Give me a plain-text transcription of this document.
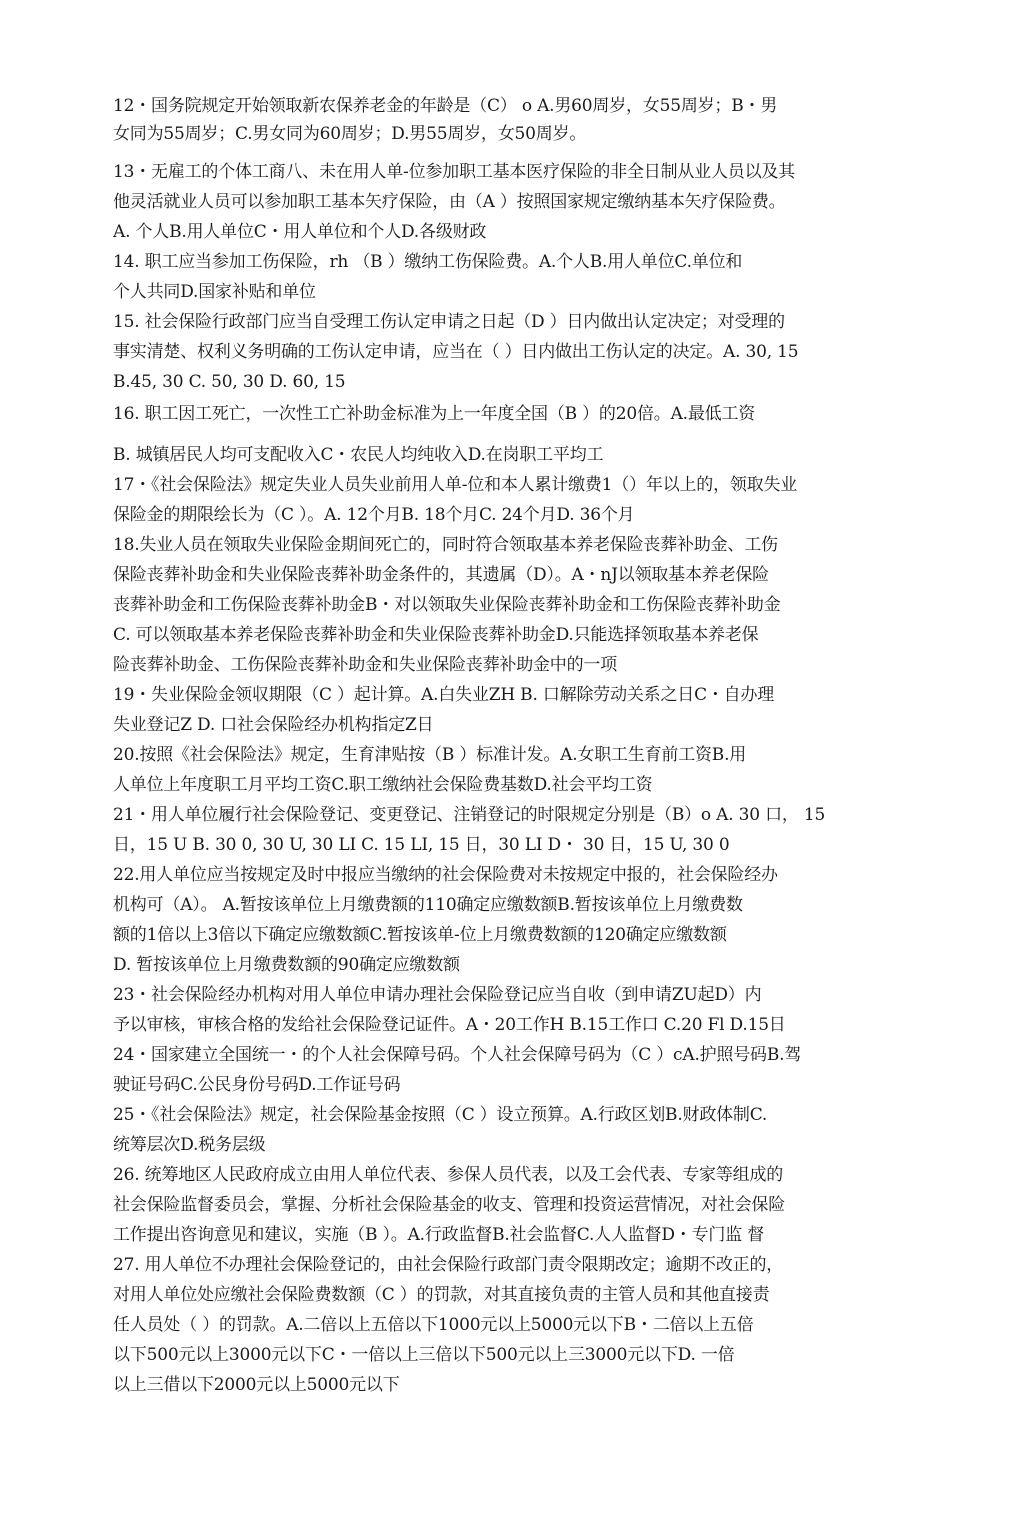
12・国务院规定开始领取新农保养老金的年龄是（C） o A.男60周岁，女55周岁；B・男
女同为55周岁；C.男女同为60周岁；D.男55周岁，女50周岁。
13・无雇工的个体工商八、未在用人单-位参加职工基本医疗保险的非全日制从业人员以及其
他灵活就业人员可以参加职工基本矢疗保险，由（A ）按照国家规定缴纳基本矢疗保险费。
A. 个人B.用人单位C・用人单位和个人D.各级财政
14. 职工应当参加工伤保险，rh （B ）缴纳工伤保险费。A.个人B.用人单位C.单位和
个人共同D.国家补贴和单位
15. 社会保险行政部门应当自受理工伤认定申请之日起（D ）日内做出认定决定；对受理的
事实清楚、权利义务明确的工伤认定申请，应当在（ ）日内做出工伤认定的决定。A. 30, 15
B.45, 30 C. 50, 30 D. 60, 15
16. 职工因工死亡，一次性工亡补助金标准为上一年度全国（B ）的20倍。A.最低工资
B. 城镇居民人均可支配收入C・农民人均纯收入D.在岗职工平均工
17・《社会保险法》规定失业人员失业前用人单-位和本人累计缴费1（）年以上的，领取失业
保险金的期限绘长为（C ）。A. 12个月B. 18个月C. 24个月D. 36个月
18.失业人员在领取失业保险金期间死亡的，同时符合领取基本养老保险丧葬补助金、工伤
保险丧葬补助金和失业保险丧葬补助金条件的，其遗属（D）。A・nJ以领取基本养老保险
丧葬补助金和工伤保险丧葬补助金B・对以领取失业保险丧葬补助金和工伤保险丧葬补助金
C. 可以领取基本养老保险丧葬补助金和失业保险丧葬补助金D.只能选择领取基本养老保
险丧葬补助金、工伤保险丧葬补助金和失业保险丧葬补助金中的一项
19・失业保险金领収期限（C ）起计算。A.白失业ZH B. 口解除劳动关系之日C・自办理
失业登记Z D. 口社会保险经办机构指定Z日
20.按照《社会保险法》规定，生育津贴按（B ）标准计发。A.女职工生育前工资B.用
人单位上年度职工月平均工资C.职工缴纳社会保险费基数D.社会平均工资
21・用人单位履行社会保险登记、变更登记、注销登记的时限规定分别是（B）o A. 30 口， 15
日，15 U B. 30 0, 30 U, 30 LI C. 15 LI, 15 日，30 LI D・ 30 日，15 U, 30 0
22.用人单位应当按规定及时中报应当缴纳的社会保险费对未按规定中报的，社会保险经办
机构可（A）。 A.暂按该单位上月缴费额的110确定应缴数额B.暂按该单位上月缴费数
额的1倍以上3倍以下确定应缴数额C.暂按该单-位上月缴费数额的120确定应缴数额
D. 暂按该单位上月缴费数额的90确定应缴数额
23・社会保险经办机构对用人单位申请办理社会保险登记应当自收（到申请ZU起D）内
予以审核，审核合格的发给社会保险登记证件。A・20工作H B.15工作口 C.20 Fl D.15日
24・国家建立全国统一・的个人社会保障号码。个人社会保障号码为（C ）cA.护照号码B.驾
驶证号码C.公民身份号码D.工作证号码
25・《社会保险法》规定，社会保险基金按照（C ）设立预算。A.行政区划B.财政体制C.
统筹层次D.税务层级
26. 统筹地区人民政府成立由用人单位代表、参保人员代表，以及工会代表、专家等组成的
社会保险监督委员会，掌握、分析社会保险基金的收支、管理和投资运营情况，对社会保险
工作提出咨询意见和建议，实施（B ）。A.行政监督B.社会监督C.人人监督D・专门监 督
27. 用人单位不办理社会保险登记的，由社会保险行政部门责令限期改定；逾期不改正的，
对用人单位处应缴社会保险费数额（C ）的罚款，对其直接负责的主管人员和其他直接责
任人员处（ ）的罚款。A.二倍以上五倍以下1000元以上5000元以下B・二倍以上五倍
以下500元以上3000元以下C・一倍以上三倍以下500元以上三3000元以下D. 一倍
以上三借以下2000元以上5000元以下
